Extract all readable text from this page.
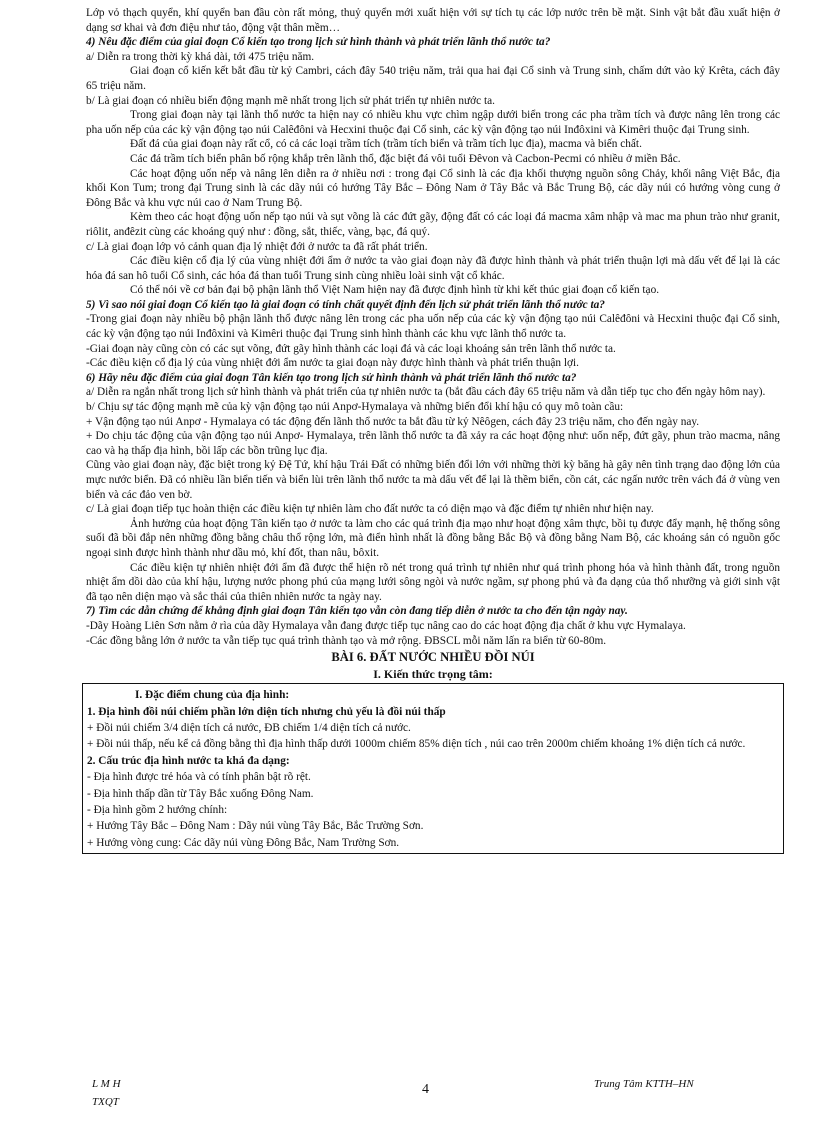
Lớp vỏ thạch quyển, khí quyển ban đầu còn rất mỏng, thuỷ quyển mới xuất hiện với sự tích tụ các lớp nước trên bề mặt. Sinh vật bắt đầu xuất hiện ở dạng sơ khai và đơn điệu như tảo, động vật thân mềm…

4) Nêu đặc điểm của giai đoạn Cổ kiến tạo trong lịch sử hình thành và phát triển lãnh thổ nước ta?

a/ Diễn ra trong thời kỳ khá dài, tới 475 triệu năm.

Giai đoạn cổ kiến kết bắt đầu từ kỷ Cambri, cách đây 540 triệu năm, trải qua hai đại Cổ sinh và Trung sinh, chấm dứt vào kỷ Krêta, cách đây 65 triệu năm.

b/ Là giai đoạn có nhiều biến động mạnh mẽ nhất trong lịch sử phát triển tự nhiên nước ta.

Trong giai đoạn này tại lãnh thổ nước ta hiện nay có nhiều khu vực chìm ngập dưới biển trong các pha trầm tích và được nâng lên trong các pha uốn nếp của các kỳ vận động tạo núi Calêđôni và Hecxini thuộc đại Cổ sinh, các kỳ vận động tạo núi Inđôxini và Kimêri thuộc đại Trung sinh.

Đất đá của giai đoạn này rất cổ, có cả các loại trầm tích (trầm tích biển và trầm tích lục địa), macma và biến chất.

Các đá trầm tích biển phân bố rộng khắp trên lãnh thổ, đặc biệt đá vôi tuổi Đêvon và Cacbon-Pecmi có nhiều ở miền Bắc.

Các hoạt động uốn nếp và nâng lên diễn ra ở nhiều nơi : trong đại Cổ sinh là các địa khối thượng nguồn sông Chảy, khối nâng Việt Bắc, địa khối Kon Tum; trong đại Trung sinh là các dãy núi có hướng Tây Bắc – Đông Nam ở Tây Bắc và Bắc Trung Bộ, các dãy núi có hướng vòng cung ở Đông Bắc và khu vực núi cao ở Nam Trung Bộ.

Kèm theo các hoạt động uốn nếp tạo núi và sụt võng là các đứt gãy, động đất có các loại đá macma xâm nhập và mac ma phun trào như granit, riôlit, anđêzit cùng các khoáng quý như : đồng, sắt, thiếc, vàng, bạc, đá quý.

c/ Là giai đoạn lớp vỏ cảnh quan địa lý nhiệt đới ở nước ta đã rất phát triển.

Các điều kiện cổ địa lý của vùng nhiệt đới ẩm ở nước ta vào giai đoạn này đã được hình thành và phát triển thuận lợi mà dấu vết để lại là các hóa đá san hô tuổi Cổ sinh, các hóa đá than tuổi Trung sinh cùng nhiều loài sinh vật cổ khác.

Có thể nói về cơ bản đại bộ phận lãnh thổ Việt Nam hiện nay đã được định hình từ khi kết thúc giai đoạn cổ kiến tạo.

5) Vì sao nói giai đoạn Cổ kiến tạo là giai đoạn có tính chất quyết định đến lịch sử phát triển lãnh thổ nước ta?

-Trong giai đoạn này nhiều bộ phận lãnh thổ được nâng lên trong các pha uốn nếp của các kỳ vận động tạo núi Calêđôni và Hecxini thuộc đại Cổ sinh, các kỳ vận động tạo núi Inđôxini và Kimêri thuộc đại Trung sinh hình thành các khu vực lãnh thổ nước ta.

-Giai đoạn này cũng còn có các sụt võng, đứt gãy hình thành các loại đá và các loại khoáng sản trên lãnh thổ nước ta.

-Các điều kiện cổ địa lý của vùng nhiệt đới ẩm nước ta giai đoạn này được hình thành và phát triển thuận lợi.

6) Hãy nêu đặc điểm của giai đoạn Tân kiến tạo trong lịch sử hình thành và phát triển lãnh thổ nước ta?

a/ Diễn ra ngắn nhất trong lịch sử hình thành và phát triển của tự nhiên nước ta (bắt đầu cách đây 65 triệu năm và dẫn tiếp tục cho đến ngày hôm nay).

b/ Chịu sự tác động mạnh mẽ của kỳ vận động tạo núi Anpơ-Hymalaya và những biến đổi khí hậu có quy mô toàn cầu:

+ Vận động tạo núi Anpơ - Hymalaya có tác động đến lãnh thổ nước ta bắt đầu từ kỷ Nêôgen, cách đây 23 triệu năm, cho đến ngày nay.

+ Do chịu tác động của vận động tạo núi Anpơ- Hymalaya, trên lãnh thổ nước ta đã xảy ra các hoạt động như: uốn nếp, đứt gãy, phun trào macma, nâng cao và hạ thấp địa hình, bồi lấp các bồn trũng lục địa.

Cũng vào giai đoạn này, đặc biệt trong kỷ Đệ Tứ, khí hậu Trái Đất có những biến đổi lớn với những thời kỳ băng hà gây nên tình trạng dao động lớn của mực nước biển. Đã có nhiều lần biển tiến và biển lùi trên lãnh thổ nước ta mà dấu vết để lại là thềm biển, cồn cát, các ngấn nước trên vách đá ở vùng ven biển và các đảo ven bờ.

c/ Là giai đoạn tiếp tục hoàn thiện các điều kiện tự nhiên làm cho đất nước ta có diện mạo và đặc điểm tự nhiên như hiện nay.

Ảnh hưởng của hoạt động Tân kiến tạo ở nước ta làm cho các quá trình địa mạo như hoạt động xâm thực, bồi tụ được đẩy mạnh, hệ thống sông suối đã bồi đắp nên những đồng bằng châu thổ rộng lớn, mà điển hình nhất là đồng bằng Bắc Bộ và đồng bằng Nam Bộ, các khoáng sản có nguồn gốc ngoại sinh được hình thành như dầu mỏ, khí đốt, than nâu, bôxit.

Các điều kiện tự nhiên nhiệt đới ẩm đã được thể hiện rõ nét trong quá trình tự nhiên như quá trình phong hóa và hình thành đất, trong nguồn nhiệt ẩm dồi dào của khí hậu, lượng nước phong phú của mạng lưới sông ngòi và nước ngầm, sự phong phú và đa dạng của thổ nhưỡng và giới sinh vật đã tạo nên diện mạo và sắc thái của thiên nhiên nước ta ngày nay.

7) Tìm các dẫn chứng để khẳng định giai đoạn Tân kiến tạo vẫn còn đang tiếp diễn ở nước ta cho đến tận ngày nay.

-Dãy Hoàng Liên Sơn nằm ở rìa của dãy Hymalaya vẫn đang được tiếp tục nâng cao do các hoạt động địa chất ở khu vực Hymalaya.

-Các đồng bằng lớn ở nước ta vẫn tiếp tục quá trình thành tạo và mở rộng. ĐBSCL mỗi năm lấn ra biển từ 60-80m.

BÀI 6. ĐẤT NƯỚC NHIỀU ĐỒI NÚI

I. Kiến thức trọng tâm:

I. Đặc điểm chung của địa hình:

1. Địa hình đồi núi chiếm phần lớn diện tích nhưng chủ yếu là đồi núi thấp

+ Đồi núi chiếm 3/4 diện tích cả nước, ĐB chiếm 1/4 diện tích cả nước.

+ Đồi núi thấp, nếu kể cả đồng bằng thì địa hình thấp dưới 1000m chiếm 85% diện tích , núi cao trên 2000m chiếm khoảng 1% diện tích cả nước.

2. Cấu trúc địa hình nước ta khá đa dạng:

- Địa hình được trẻ hóa và có tính phân bật rõ rệt.

- Địa hình thấp dần từ Tây Bắc xuống Đông Nam.

- Địa hình gồm 2 hướng chính:

+ Hướng Tây Bắc – Đông Nam : Dãy núi vùng Tây Bắc, Bắc Trường Sơn.

+ Hướng vòng cung: Các dãy núi vùng Đông Bắc, Nam Trường Sơn.

L M H
TXQT
4	Trung Tâm KTTH–HN
